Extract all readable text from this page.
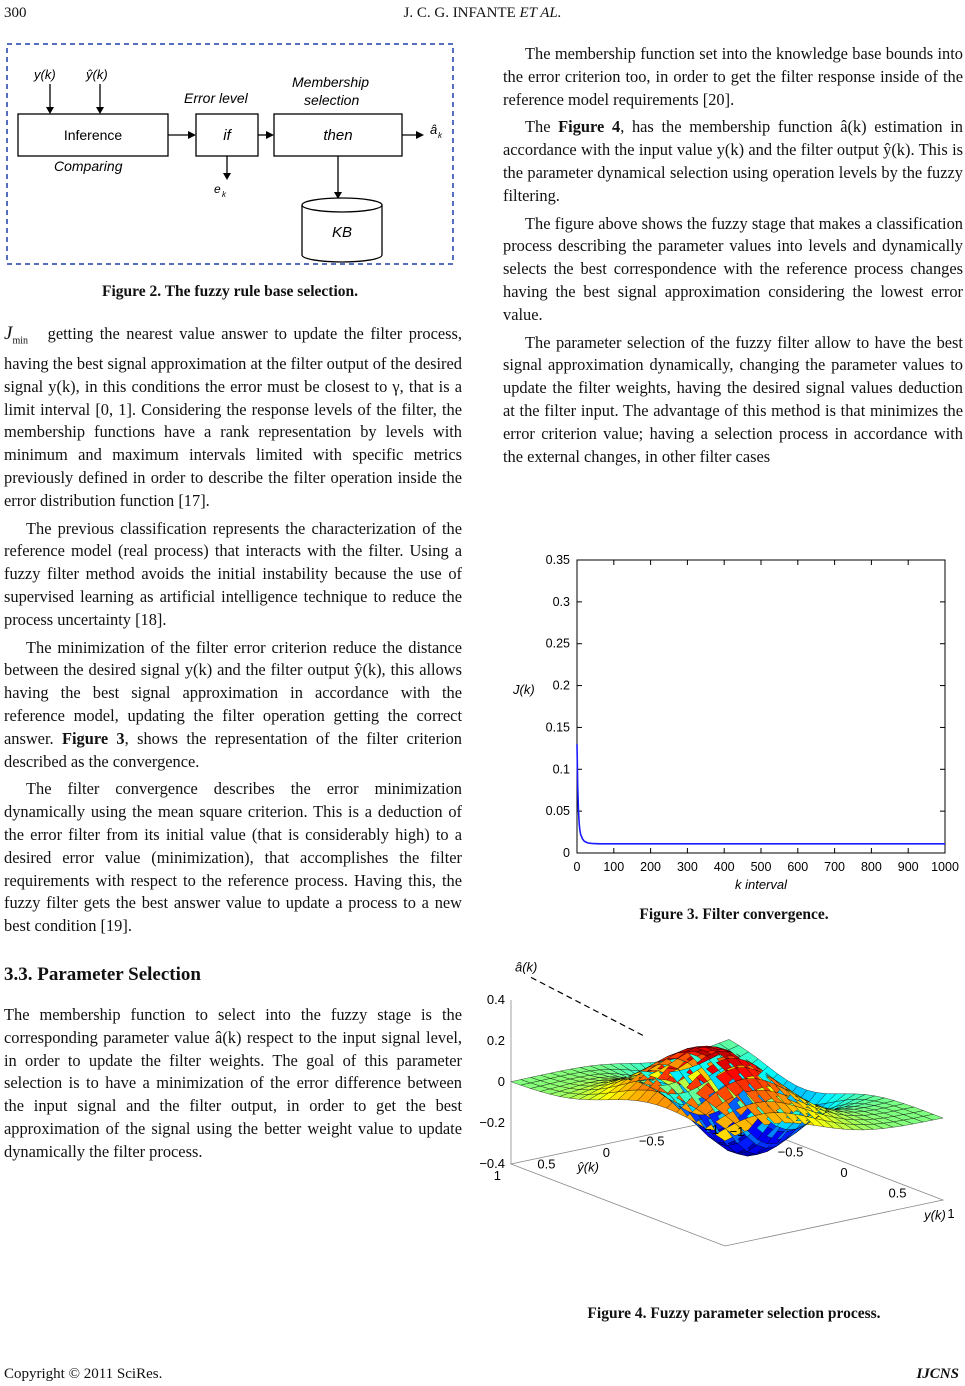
300	J. C. G. INFANTE ET AL.
y(k) ŷ(k)
Error level
Membership
selection
Inference	if	then	â k
Comparing
e k
KB
Figure 2. The fuzzy rule base selection.

$J_{min}$ getting the nearest value answer to update the filter process, having the best signal approximation at the filter output of the desired signal y(k), in this conditions the error must be closest to γ, that is a limit interval [0, 1]. Considering the response levels of the filter, the membership functions have a rank representation by levels with minimum and maximum intervals limited with specific metrics previously defined in order to describe the filter operation inside the error distribution function [17].

The previous classification represents the characterization of the reference model (real process) that interacts with the filter. Using a fuzzy filter method avoids the initial instability because the use of supervised learning as artificial intelligence technique to reduce the process uncertainty [18].

The minimization of the filter error criterion reduce the distance between the desired signal y(k) and the filter output ŷ(k), this allows having the best signal approximation in accordance with the reference model, updating the filter operation getting the correct answer. Figure 3, shows the representation of the filter criterion described as the convergence.

The filter convergence describes the error minimization dynamically using the mean square criterion. This is a deduction of the error filter from its initial value (that is considerably high) to a desired error value (minimization), that accomplishes the filter requirements with respect to the reference process. Having this, the fuzzy filter gets the best answer value to update a process to a new best condition [19].

3.3. Parameter Selection

The membership function to select into the fuzzy stage is the corresponding parameter value â(k) respect to the input signal level, in order to update the filter weights. The goal of this parameter selection is to have a minimization of the error difference between the input signal and the filter output, in order to get the best approximation of the signal using the better weight value to update dynamically the filter process.

The membership function set into the knowledge base bounds into the error criterion too, in order to get the filter response inside of the reference model requirements [20].

The Figure 4, has the membership function â(k) estimation in accordance with the input value y(k) and the filter output ŷ(k). This is the parameter dynamical selection using operation levels by the fuzzy filtering.

The figure above shows the fuzzy stage that makes a classification process describing the parameter values into levels and dynamically selects the best correspondence with the reference process changes having the best signal approximation considering the lowest error value.

The parameter selection of the fuzzy filter allow to have the best signal approximation dynamically, changing the parameter values to update the filter weights, having the desired signal values deduction at the filter input. The advantage of this method is that minimizes the error criterion value; having a selection process in accordance with the external changes, in other filter cases

0
0.05
0.1
0.15
0.2
0.25
0.3
0.35
0 100 200 300 400 500 600 700 800 900 1000
J(k)
k interval
Figure 3. Filter convergence.
0.4
0.2
0
−0.2
−0.4
−1
−0.5
0
0.5
1
1
0.5
0
−0.5
−1
â(k)
y(k)
ŷ(k)
Figure 4. Fuzzy parameter selection process.
Copyright © 2011 SciRes.	IJCNS
